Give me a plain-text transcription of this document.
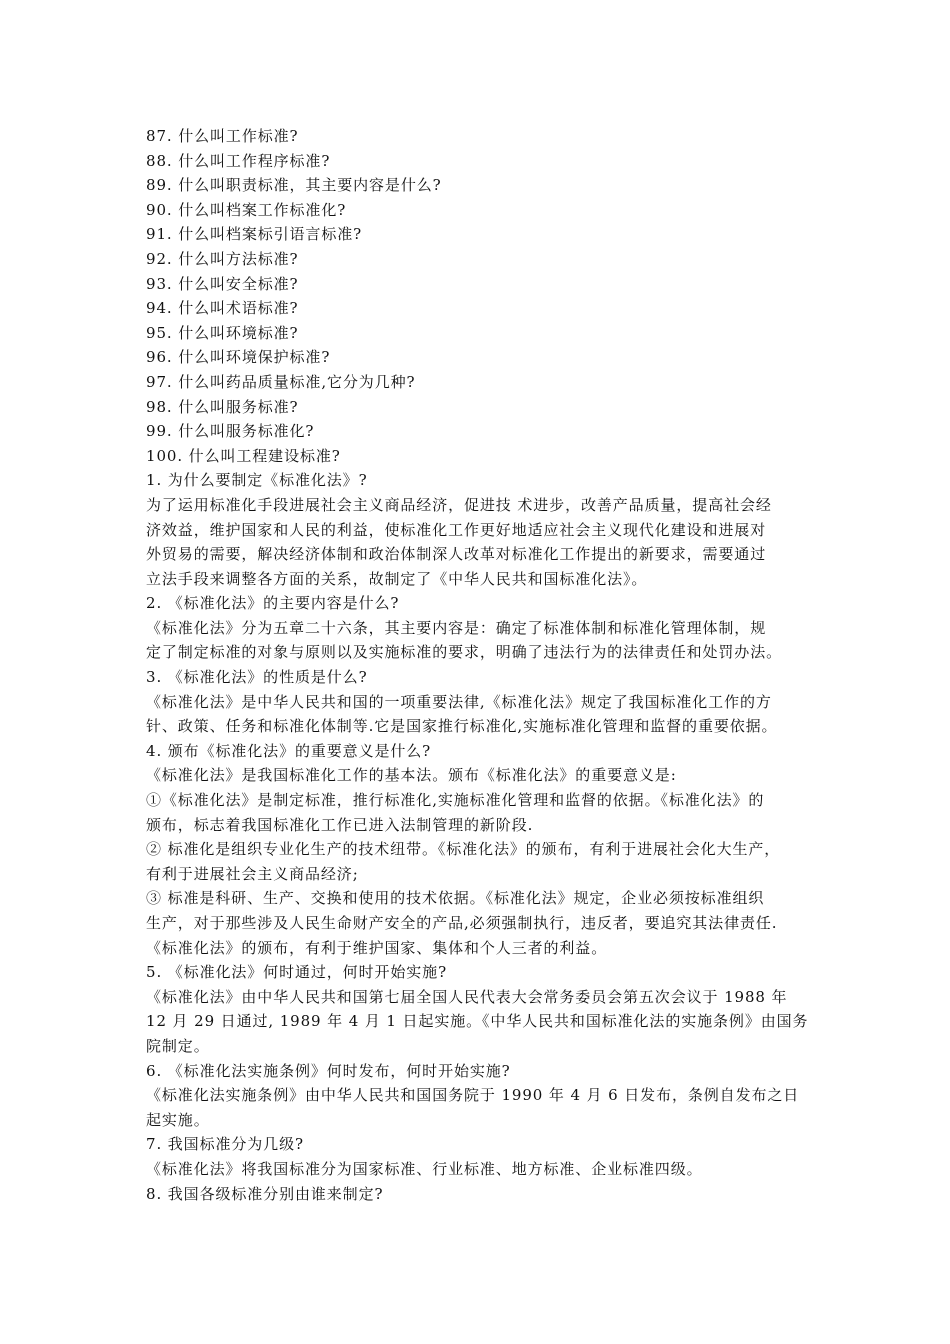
87. 什么叫工作标准?
88. 什么叫工作程序标准?
89. 什么叫职责标准，其主要内容是什么?
90. 什么叫档案工作标准化?
91. 什么叫档案标引语言标准?
92. 什么叫方法标准?
93. 什么叫安全标准?
94. 什么叫术语标准?
95. 什么叫环境标准?
96. 什么叫环境保护标准?
97. 什么叫药品质量标准,它分为几种?
98. 什么叫服务标准?
99. 什么叫服务标准化?
100. 什么叫工程建设标准?
1. 为什么要制定《标准化法》?
为了运用标准化手段进展社会主义商品经济，促进技 术进步，改善产品质量，提高社会经
济效益，维护国家和人民的利益，使标准化工作更好地适应社会主义现代化建设和进展对
外贸易的需要，解决经济体制和政治体制深人改革对标准化工作提出的新要求，需要通过
立法手段来调整各方面的关系，故制定了《中华人民共和国标准化法》。
2. 《标准化法》的主要内容是什么?
《标准化法》分为五章二十六条，其主要内容是：确定了标准体制和标准化管理体制，规
定了制定标准的对象与原则以及实施标准的要求，明确了违法行为的法律责任和处罚办法。
3. 《标准化法》的性质是什么?
《标准化法》是中华人民共和国的一项重要法律,《标准化法》规定了我国标准化工作的方
针、政策、任务和标准化体制等.它是国家推行标准化,实施标准化管理和监督的重要依据。
4. 颁布《标准化法》的重要意义是什么?
《标准化法》是我国标准化工作的基本法。颁布《标准化法》的重要意义是:
①《标准化法》是制定标准，推行标准化,实施标准化管理和监督的依据。《标准化法》的
颁布，标志着我国标准化工作已进入法制管理的新阶段.
② 标准化是组织专业化生产的技术纽带。《标准化法》的颁布，有利于进展社会化大生产，
有利于进展社会主义商品经济;
③ 标准是科研、生产、交换和使用的技术依据。《标准化法》规定，企业必须按标准组织
生产，对于那些涉及人民生命财产安全的产品,必须强制执行，违反者，要追究其法律责任.
《标准化法》的颁布，有利于维护国家、集体和个人三者的利益。
5. 《标准化法》何时通过，何时开始实施?
《标准化法》由中华人民共和国第七届全国人民代表大会常务委员会第五次会议于 1988 年
12 月 29 日通过, 1989 年 4 月 1 日起实施。《中华人民共和国标准化法的实施条例》由国务
院制定。
6. 《标准化法实施条例》何时发布，何时开始实施?
《标准化法实施条例》由中华人民共和国国务院于 1990 年 4 月 6 日发布，条例自发布之日
起实施。
7. 我国标准分为几级?
《标准化法》将我国标准分为国家标准、行业标准、地方标准、企业标准四级。
8. 我国各级标准分别由谁来制定?
